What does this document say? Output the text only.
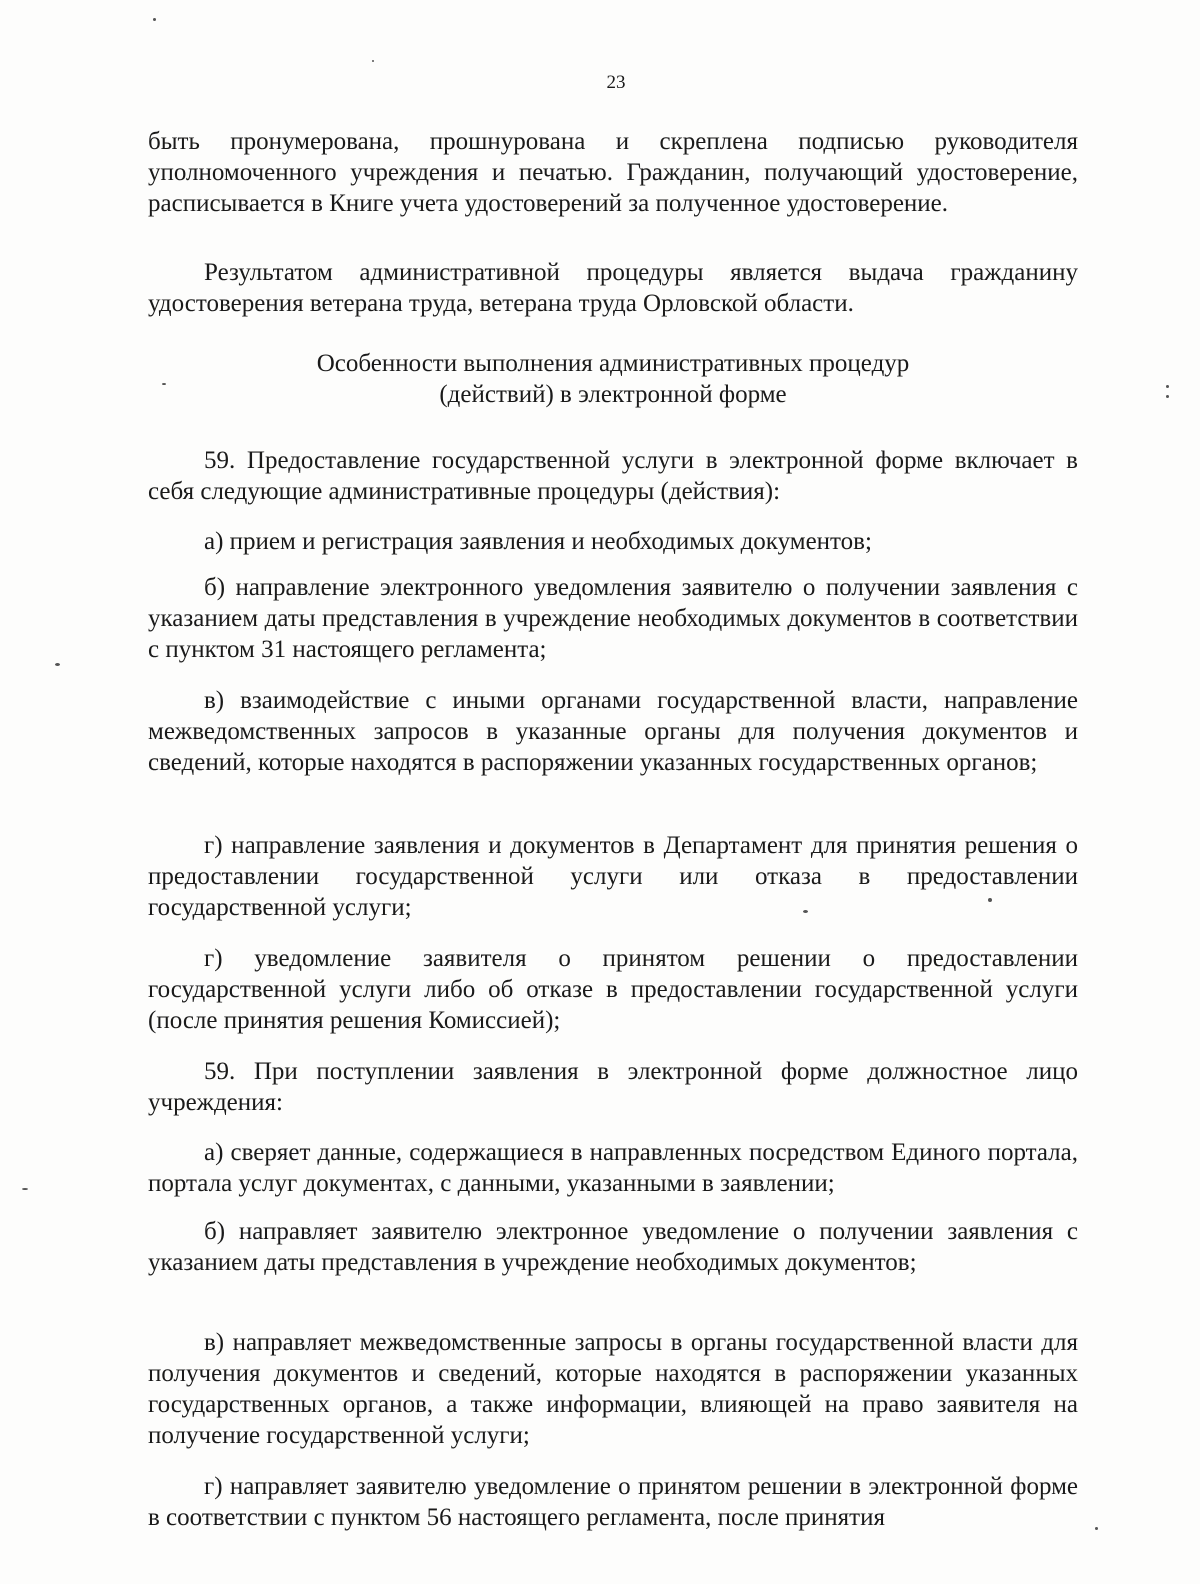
23

быть пронумерована, прошнурована и скреплена подписью руководителя уполномоченного учреждения и печатью. Гражданин, получающий удостоверение, расписывается в Книге учета удостоверений за полученное удостоверение.

Результатом административной процедуры является выдача гражданину удостоверения ветерана труда, ветерана труда Орловской области.

Особенности выполнения административных процедур
(действий) в электронной форме

59. Предоставление государственной услуги в электронной форме включает в себя следующие административные процедуры (действия):

а) прием и регистрация заявления и необходимых документов;

б) направление электронного уведомления заявителю о получении заявления с указанием даты представления в учреждение необходимых документов в соответствии с пунктом 31 настоящего регламента;

в) взаимодействие с иными органами государственной власти, направление межведомственных запросов в указанные органы для получения документов и сведений, которые находятся в распоряжении указанных государственных органов;

г) направление заявления и документов в Департамент для принятия решения о предоставлении государственной услуги или отказа в предоставлении государственной услуги;

г) уведомление заявителя о принятом решении о предоставлении государственной услуги либо об отказе в предоставлении государственной услуги (после принятия решения Комиссией);

59. При поступлении заявления в электронной форме должностное лицо учреждения:

а) сверяет данные, содержащиеся в направленных посредством Единого портала, портала услуг документах, с данными, указанными в заявлении;

б) направляет заявителю электронное уведомление о получении заявления с указанием даты представления в учреждение необходимых документов;

в) направляет межведомственные запросы в органы государственной власти для получения документов и сведений, которые находятся в распоряжении указанных государственных органов, а также информации, влияющей на право заявителя на получение государственной услуги;

г) направляет заявителю уведомление о принятом решении в электронной форме в соответствии с пунктом 56 настоящего регламента, после принятия
